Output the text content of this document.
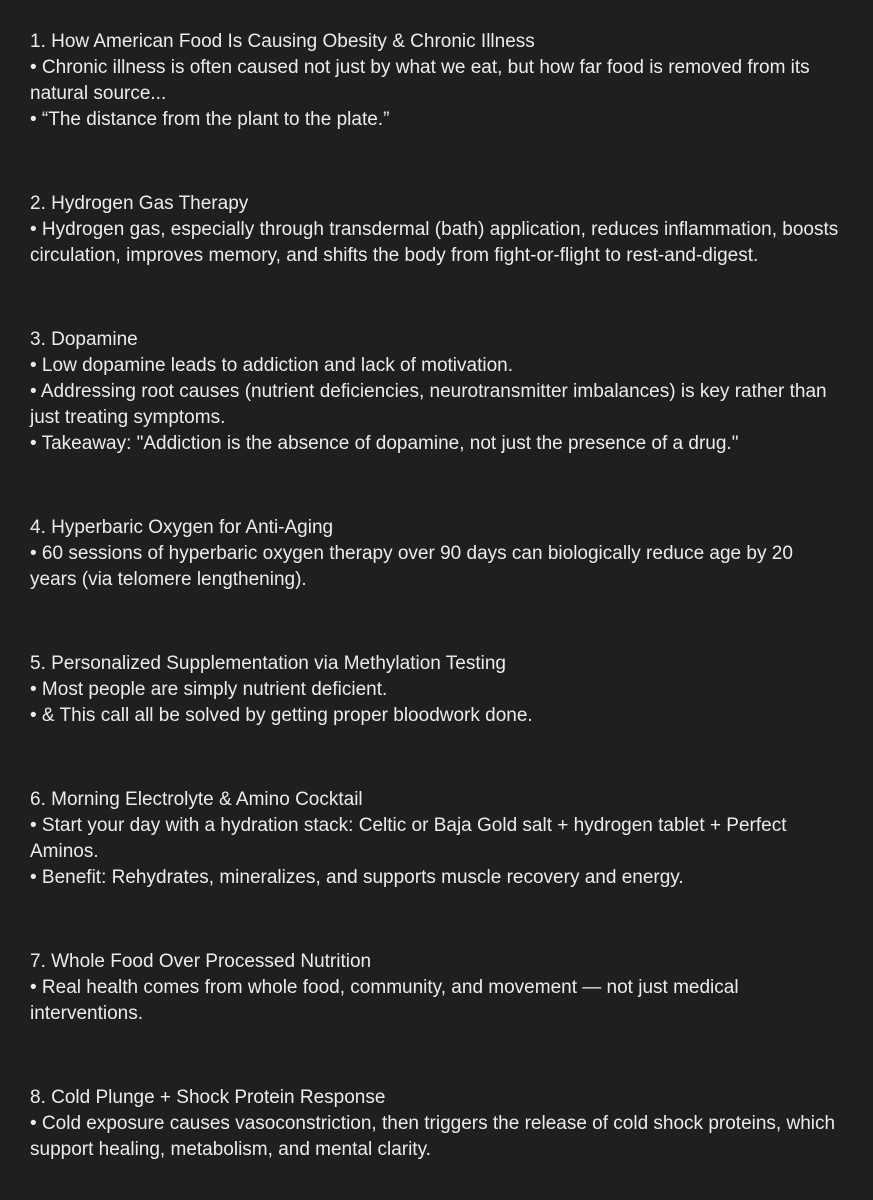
1. How American Food Is Causing Obesity & Chronic Illness
• Chronic illness is often caused not just by what we eat, but how far food is removed from its natural source...
• “The distance from the plant to the plate.”
2. Hydrogen Gas Therapy
• Hydrogen gas, especially through transdermal (bath) application, reduces inflammation, boosts circulation, improves memory, and shifts the body from fight-or-flight to rest-and-digest.
3. Dopamine
• Low dopamine leads to addiction and lack of motivation.
• Addressing root causes (nutrient deficiencies, neurotransmitter imbalances) is key rather than just treating symptoms.
• Takeaway: "Addiction is the absence of dopamine, not just the presence of a drug."
4. Hyperbaric Oxygen for Anti-Aging
• 60 sessions of hyperbaric oxygen therapy over 90 days can biologically reduce age by 20 years (via telomere lengthening).
5. Personalized Supplementation via Methylation Testing
• Most people are simply nutrient deficient.
• & This call all be solved by getting proper bloodwork done.
6. Morning Electrolyte & Amino Cocktail
• Start your day with a hydration stack: Celtic or Baja Gold salt + hydrogen tablet + Perfect Aminos.
• Benefit: Rehydrates, mineralizes, and supports muscle recovery and energy.
7. Whole Food Over Processed Nutrition
• Real health comes from whole food, community, and movement — not just medical interventions.
8. Cold Plunge + Shock Protein Response
• Cold exposure causes vasoconstriction, then triggers the release of cold shock proteins, which support healing, metabolism, and mental clarity.
